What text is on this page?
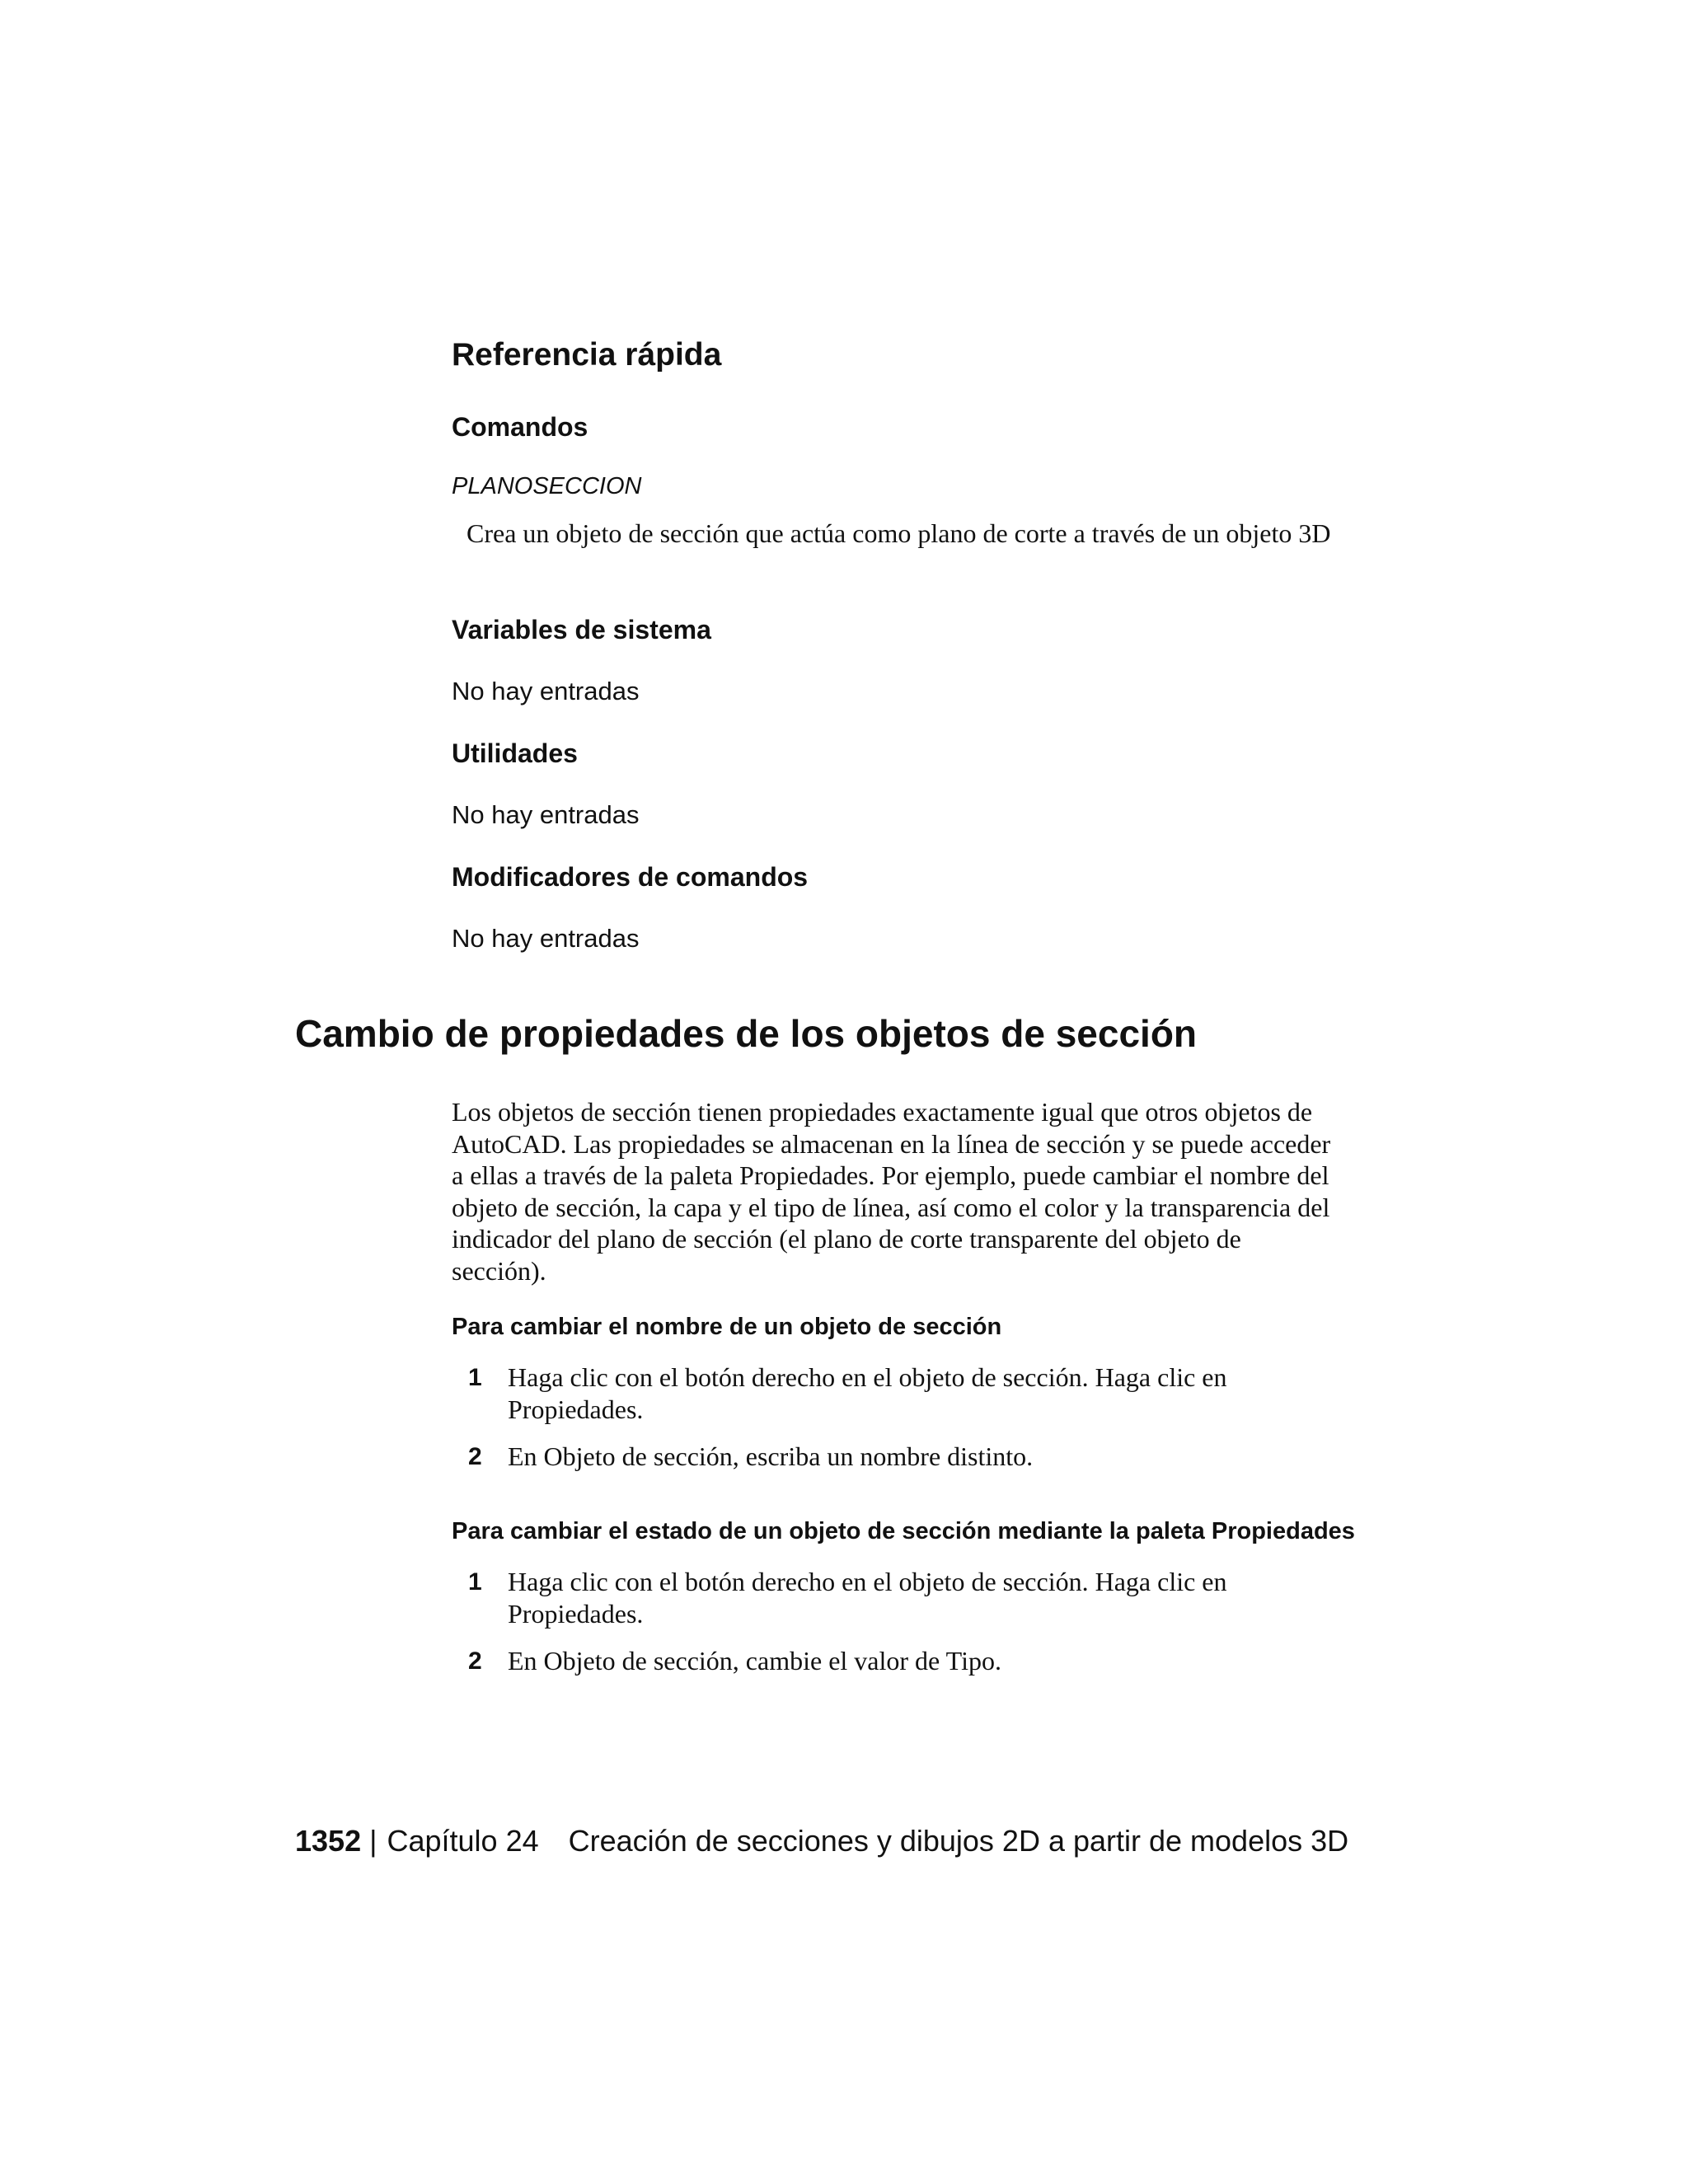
Referencia rápida
Comandos
PLANOSECCION
Crea un objeto de sección que actúa como plano de corte a través de un objeto 3D
Variables de sistema
No hay entradas
Utilidades
No hay entradas
Modificadores de comandos
No hay entradas
Cambio de propiedades de los objetos de sección

Los objetos de sección tienen propiedades exactamente igual que otros objetos de AutoCAD. Las propiedades se almacenan en la línea de sección y se puede acceder a ellas a través de la paleta Propiedades. Por ejemplo, puede cambiar el nombre del objeto de sección, la capa y el tipo de línea, así como el color y la transparencia del indicador del plano de sección (el plano de corte transparente del objeto de sección).

Para cambiar el nombre de un objeto de sección
1 Haga clic con el botón derecho en el objeto de sección. Haga clic en Propiedades.
2 En Objeto de sección, escriba un nombre distinto.
Para cambiar el estado de un objeto de sección mediante la paleta Propiedades
1 Haga clic con el botón derecho en el objeto de sección. Haga clic en Propiedades.
2 En Objeto de sección, cambie el valor de Tipo.
1352 | Capítulo 24 Creación de secciones y dibujos 2D a partir de modelos 3D
